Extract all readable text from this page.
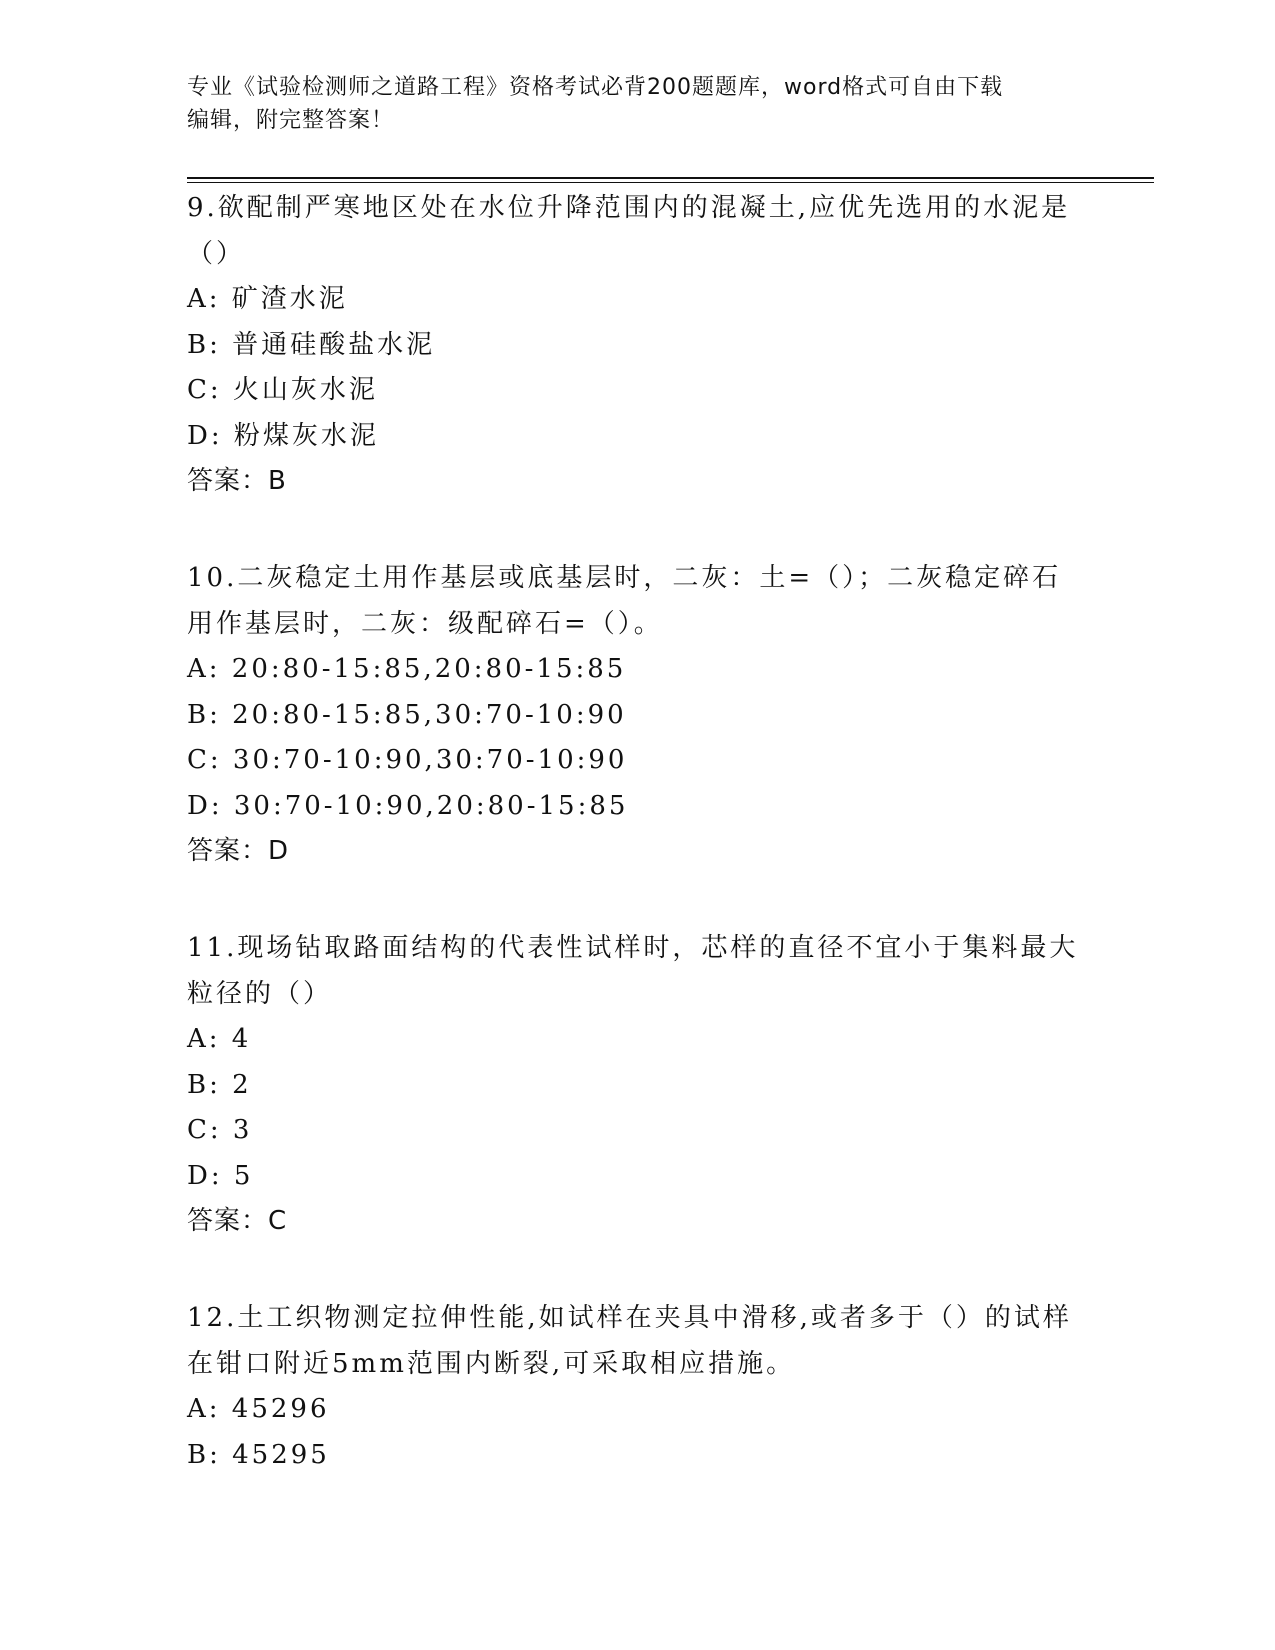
专业《试验检测师之道路工程》资格考试必背200题题库，word格式可自由下载
编辑，附完整答案！
9.欲配制严寒地区处在水位升降范围内的混凝土,应优先选用的水泥是
（）
A: 矿渣水泥
B: 普通硅酸盐水泥
C: 火山灰水泥
D: 粉煤灰水泥
答案：B
10.二灰稳定土用作基层或底基层时，二灰：土=（）；二灰稳定碎石
用作基层时，二灰：级配碎石=（）。
A: 20:80-15:85,20:80-15:85
B: 20:80-15:85,30:70-10:90
C: 30:70-10:90,30:70-10:90
D: 30:70-10:90,20:80-15:85
答案：D
11.现场钻取路面结构的代表性试样时，芯样的直径不宜小于集料最大
粒径的（）
A: 4
B: 2
C: 3
D: 5
答案：C
12.土工织物测定拉伸性能,如试样在夹具中滑移,或者多于（）的试样
在钳口附近5mm范围内断裂,可采取相应措施。
A: 45296
B: 45295
